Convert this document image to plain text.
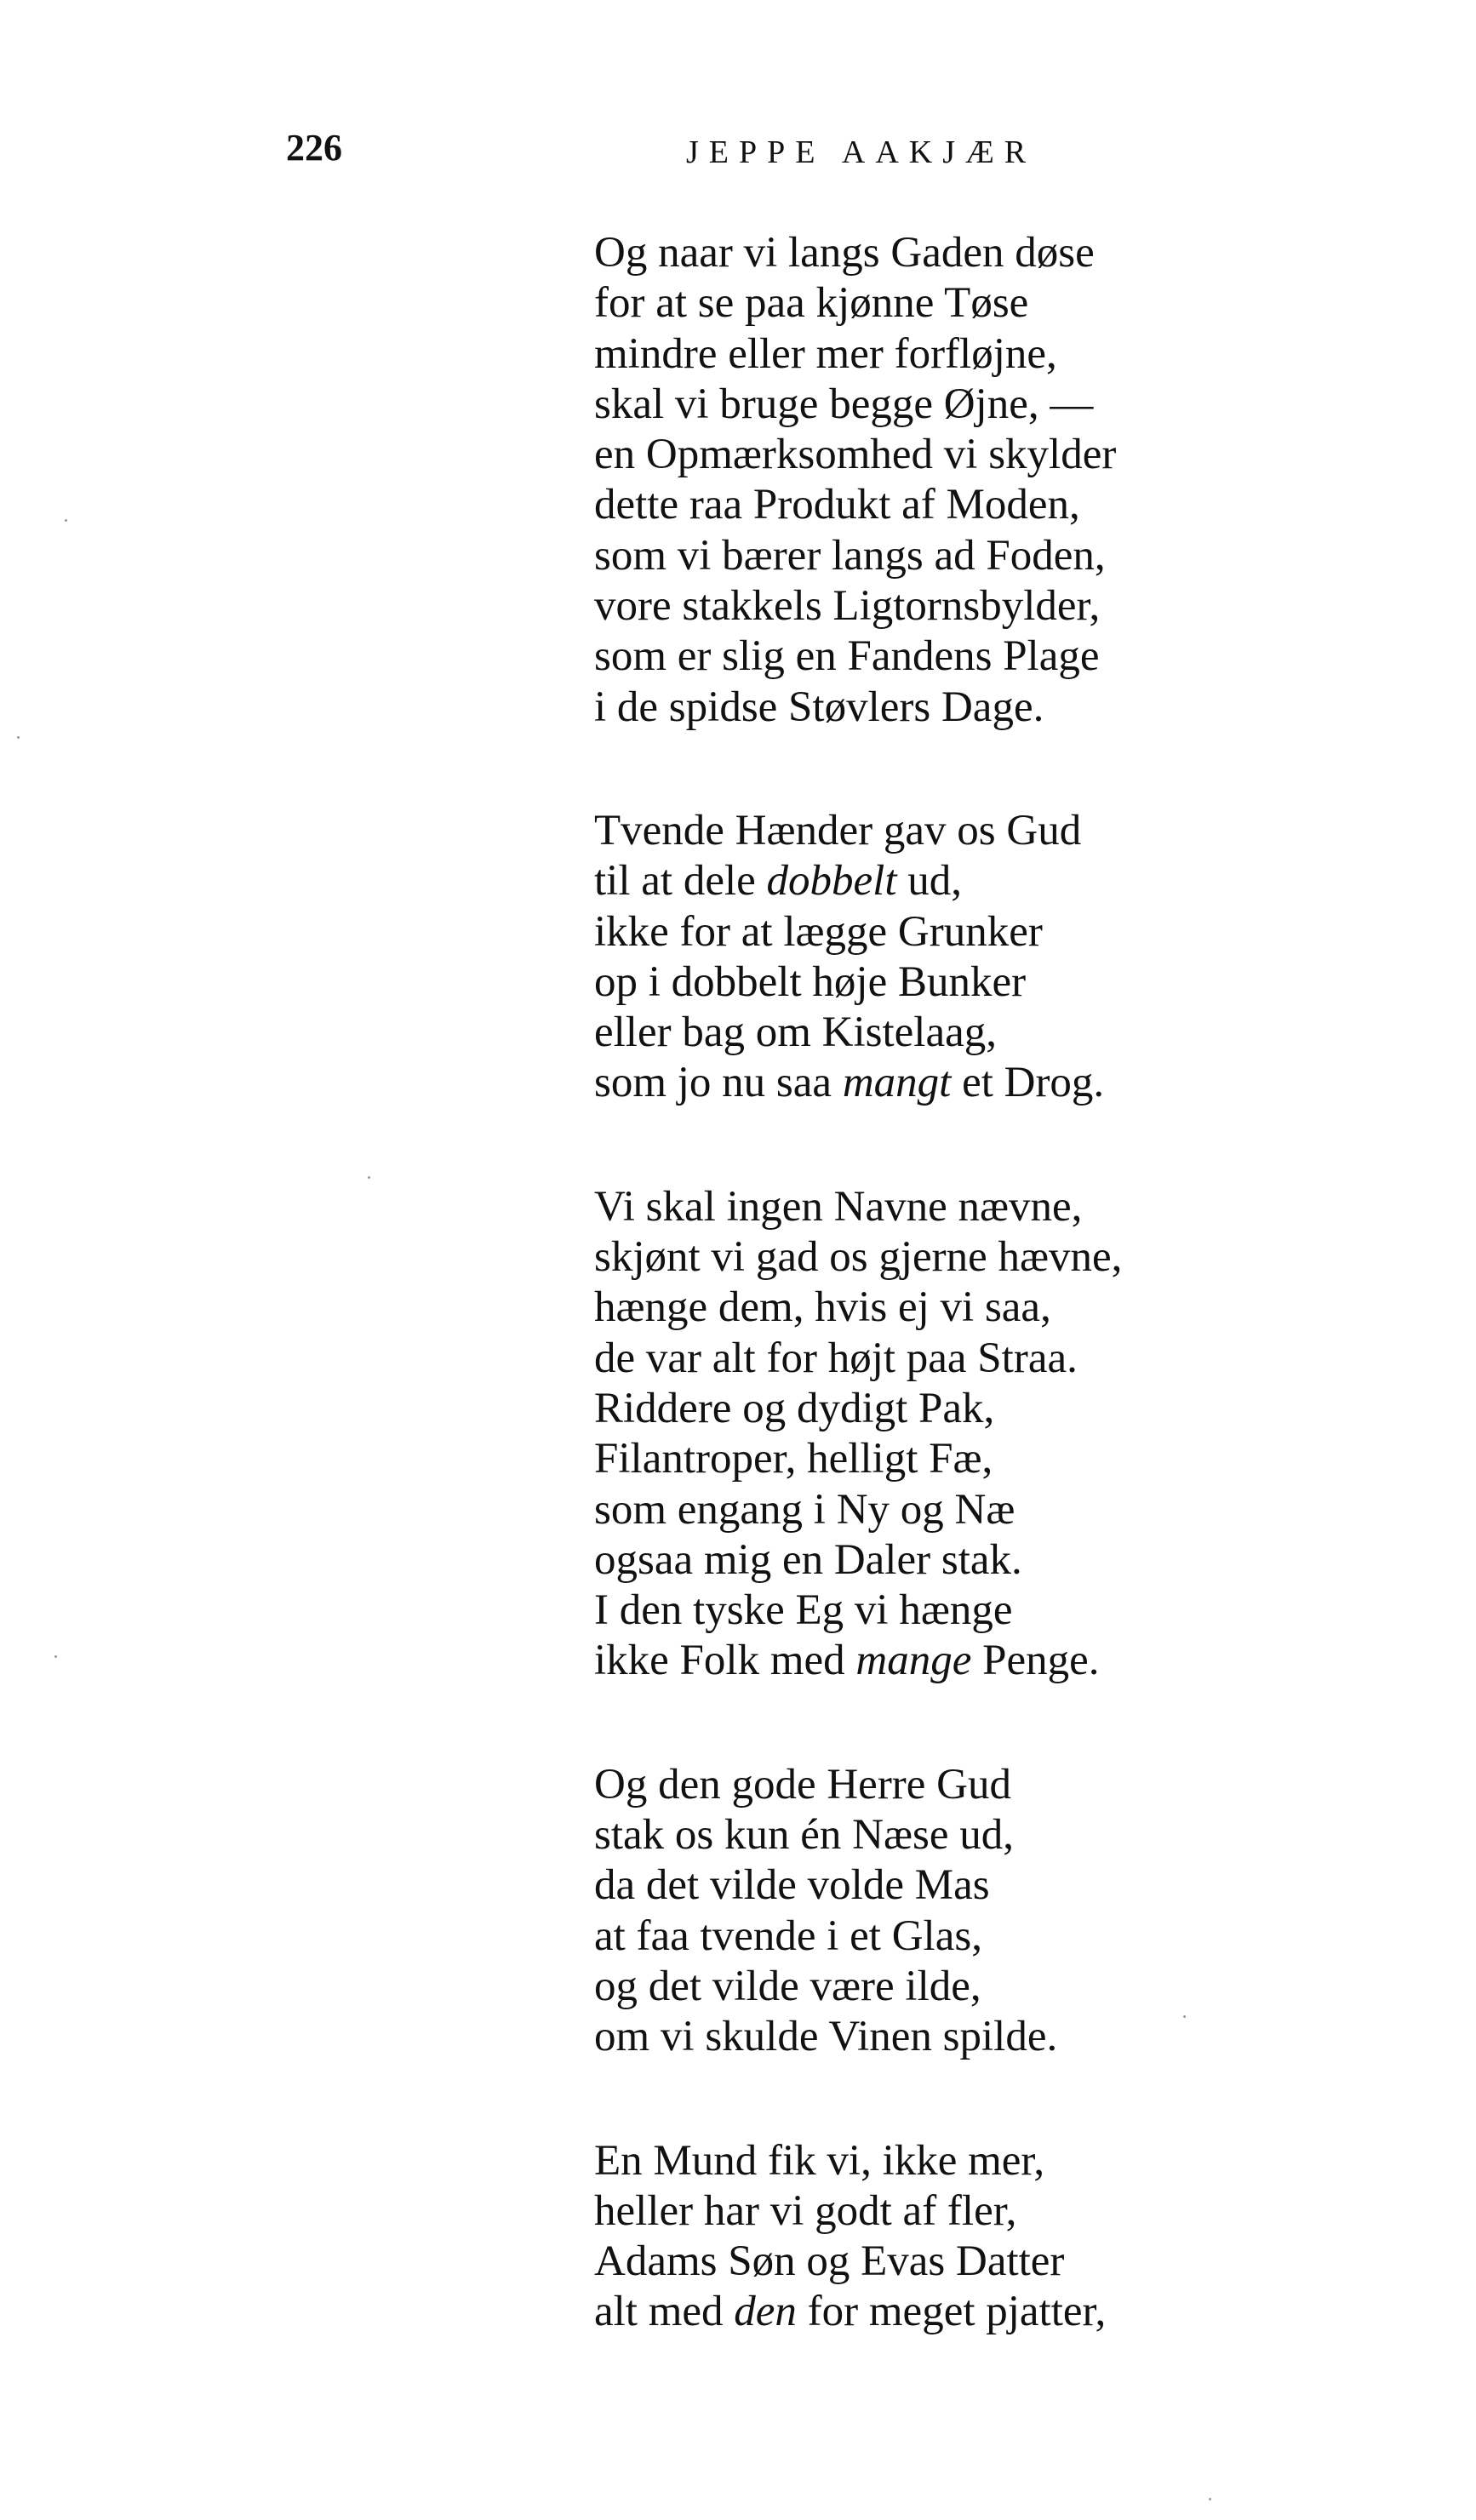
226	JEPPE AAKJÆR
Og naar vi langs Gaden døse
for at se paa kjønne Tøse
mindre eller mer forfløjne,
skal vi bruge begge Øjne, —
en Opmærksomhed vi skylder
dette raa Produkt af Moden,
som vi bærer langs ad Foden,
vore stakkels Ligtornsbylder,
som er slig en Fandens Plage
i de spidse Støvlers Dage.
Tvende Hænder gav os Gud
til at dele dobbelt ud,
ikke for at lægge Grunker
op i dobbelt høje Bunker
eller bag om Kistelaag,
som jo nu saa mangt et Drog.
Vi skal ingen Navne nævne,
skjønt vi gad os gjerne hævne,
hænge dem, hvis ej vi saa,
de var alt for højt paa Straa.
Riddere og dydigt Pak,
Filantroper, helligt Fæ,
som engang i Ny og Næ
ogsaa mig en Daler stak.
I den tyske Eg vi hænge
ikke Folk med mange Penge.
Og den gode Herre Gud
stak os kun én Næse ud,
da det vilde volde Mas
at faa tvende i et Glas,
og det vilde være ilde,
om vi skulde Vinen spilde.
En Mund fik vi, ikke mer,
heller har vi godt af fler,
Adams Søn og Evas Datter
alt med den for meget pjatter,
